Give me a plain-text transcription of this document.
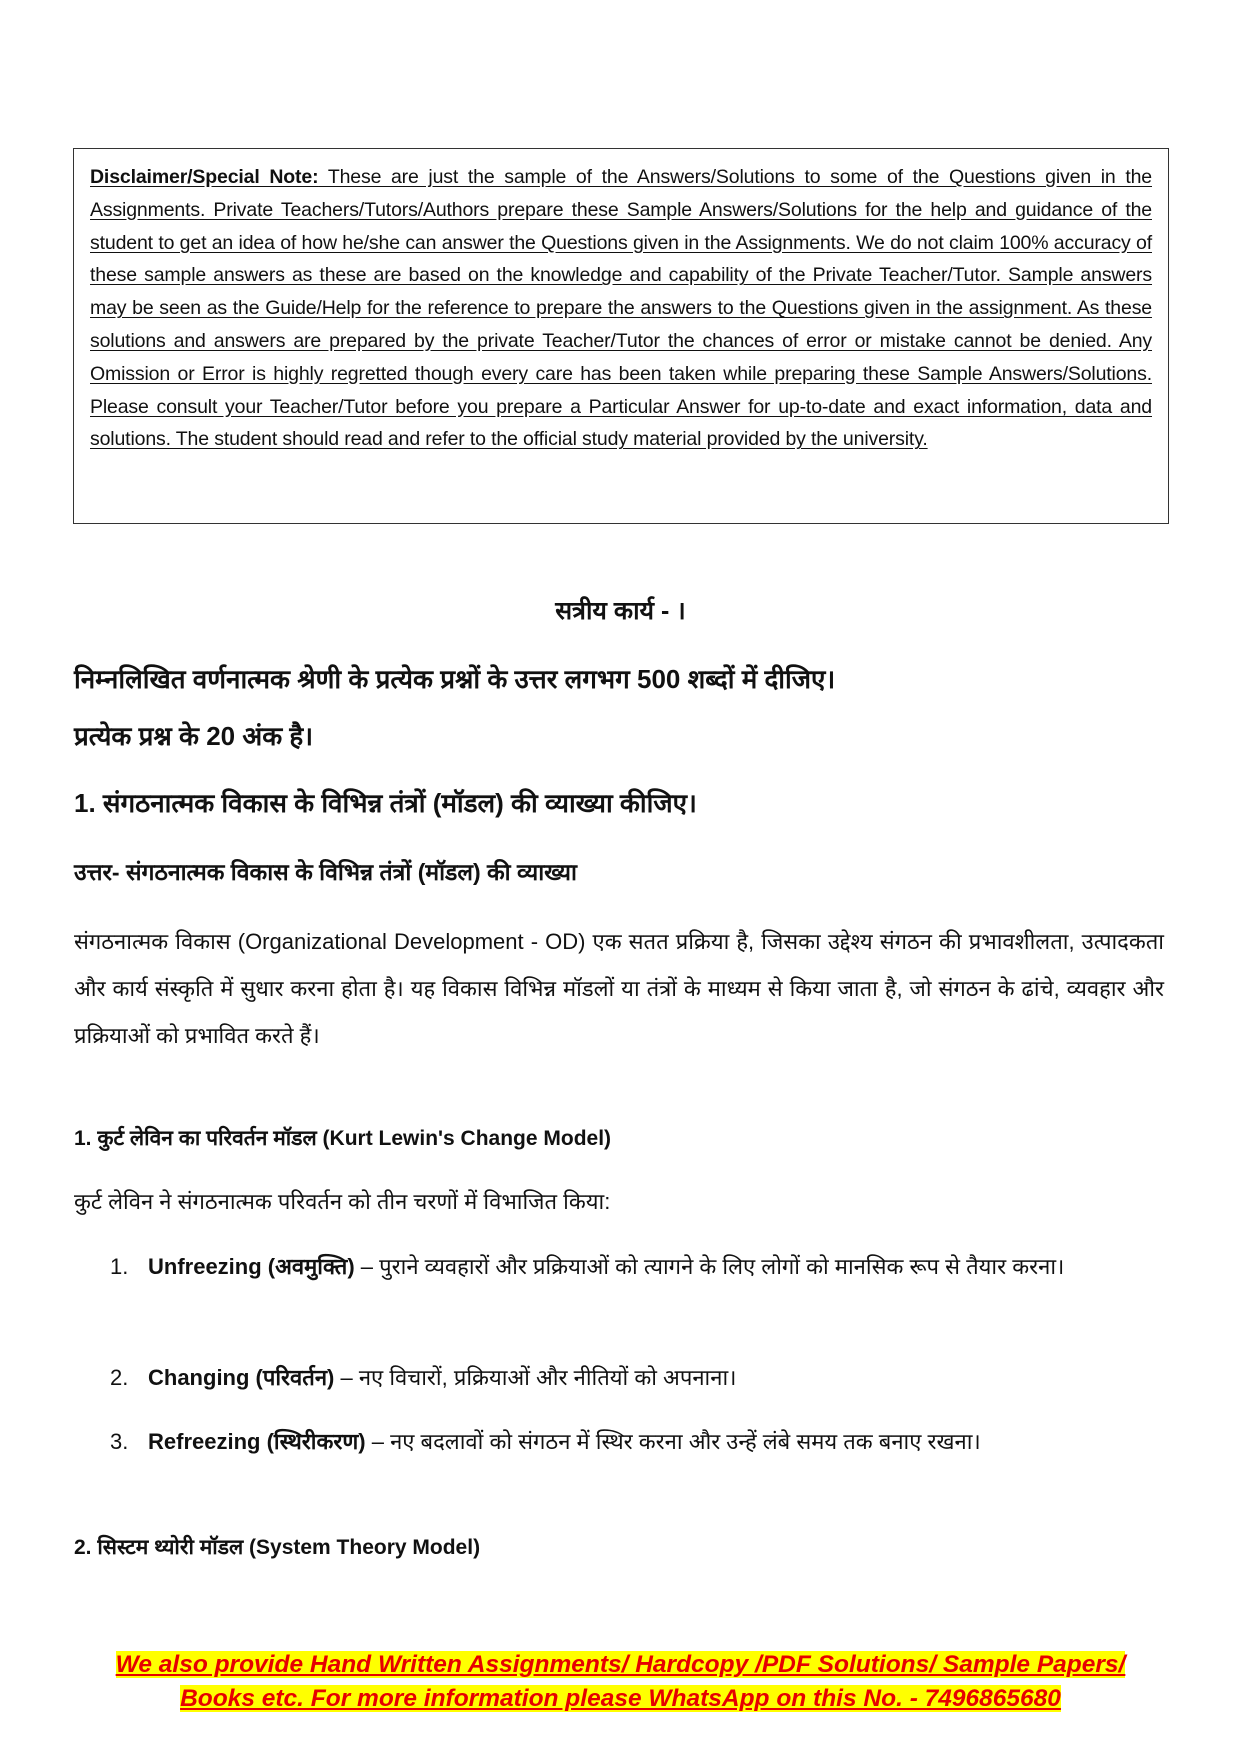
Disclaimer/Special Note: These are just the sample of the Answers/Solutions to some of the Questions given in the Assignments. Private Teachers/Tutors/Authors prepare these Sample Answers/Solutions for the help and guidance of the student to get an idea of how he/she can answer the Questions given in the Assignments. We do not claim 100% accuracy of these sample answers as these are based on the knowledge and capability of the Private Teacher/Tutor. Sample answers may be seen as the Guide/Help for the reference to prepare the answers to the Questions given in the assignment. As these solutions and answers are prepared by the private Teacher/Tutor the chances of error or mistake cannot be denied. Any Omission or Error is highly regretted though every care has been taken while preparing these Sample Answers/Solutions. Please consult your Teacher/Tutor before you prepare a Particular Answer for up-to-date and exact information, data and solutions. The student should read and refer to the official study material provided by the university.
सत्रीय कार्य - ।
निम्नलिखित वर्णनात्मक श्रेणी के प्रत्येक प्रश्नों के उत्तर लगभग 500 शब्दों में दीजिए।
प्रत्येक प्रश्न के 20 अंक है।
1. संगठनात्मक विकास के विभिन्न तंत्रों (मॉडल) की व्याख्या कीजिए।
उत्तर- संगठनात्मक विकास के विभिन्न तंत्रों (मॉडल) की व्याख्या
संगठनात्मक विकास (Organizational Development - OD) एक सतत प्रक्रिया है, जिसका उद्देश्य संगठन की प्रभावशीलता, उत्पादकता और कार्य संस्कृति में सुधार करना होता है। यह विकास विभिन्न मॉडलों या तंत्रों के माध्यम से किया जाता है, जो संगठन के ढांचे, व्यवहार और प्रक्रियाओं को प्रभावित करते हैं।
1. कुर्ट लेविन का परिवर्तन मॉडल (Kurt Lewin's Change Model)
कुर्ट लेविन ने संगठनात्मक परिवर्तन को तीन चरणों में विभाजित किया:
1. Unfreezing (अवमुक्ति) – पुराने व्यवहारों और प्रक्रियाओं को त्यागने के लिए लोगों को मानसिक रूप से तैयार करना।
2. Changing (परिवर्तन) – नए विचारों, प्रक्रियाओं और नीतियों को अपनाना।
3. Refreezing (स्थिरीकरण) – नए बदलावों को संगठन में स्थिर करना और उन्हें लंबे समय तक बनाए रखना।
2. सिस्टम थ्योरी मॉडल (System Theory Model)
We also provide Hand Written Assignments/ Hardcopy /PDF Solutions/ Sample Papers/
Books etc. For more information please WhatsApp on this No. - 7496865680
